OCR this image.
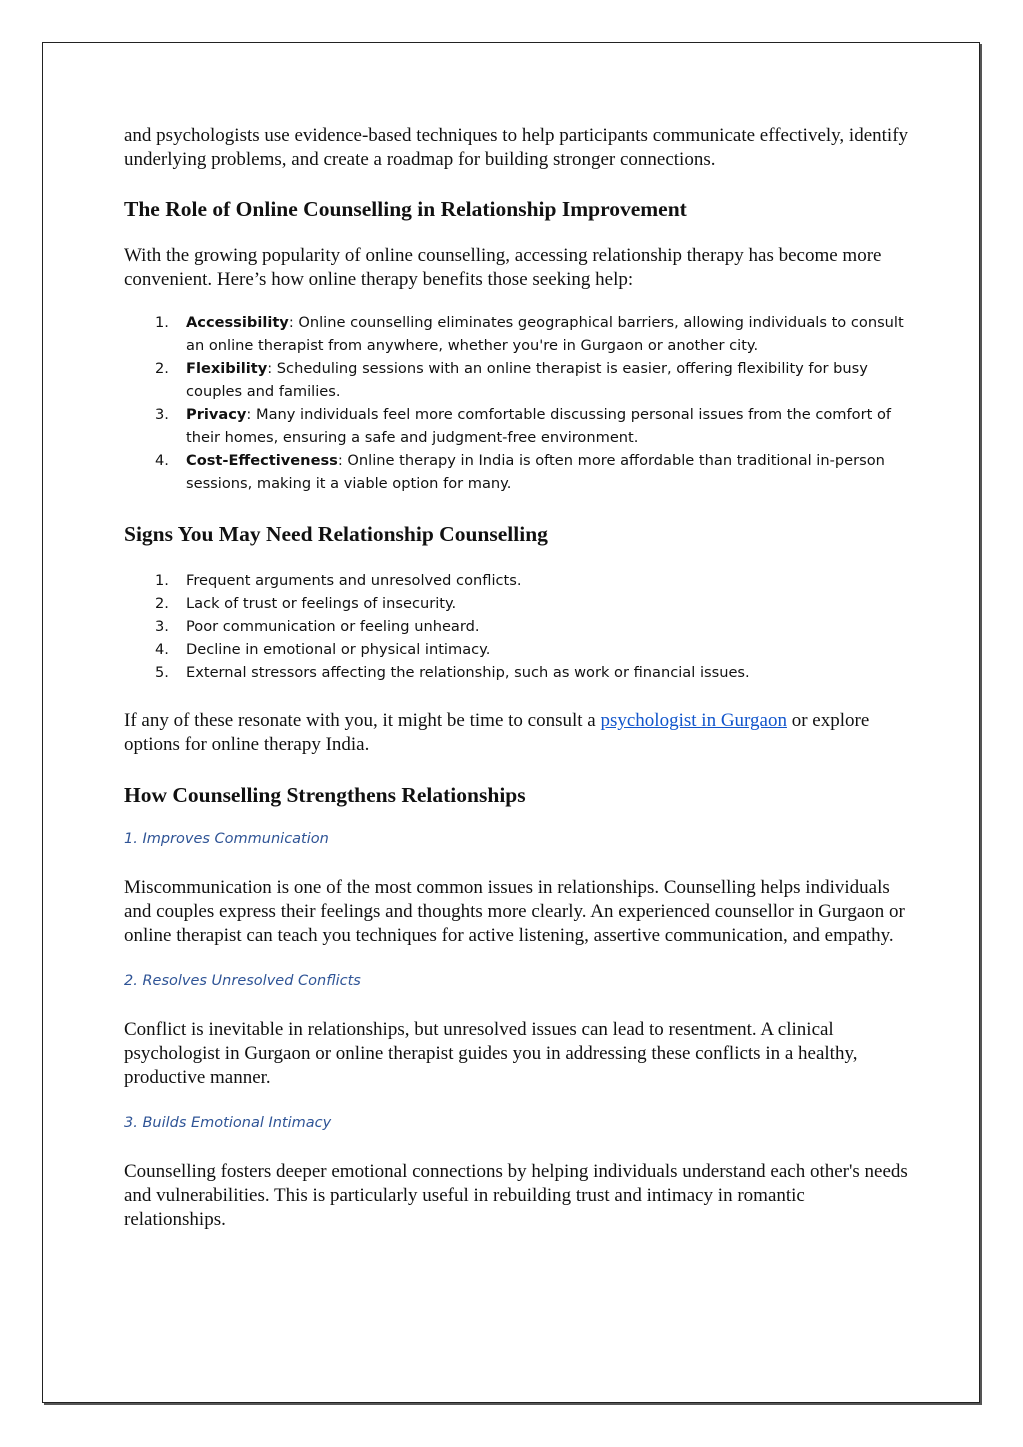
and psychologists use evidence-based techniques to help participants communicate effectively, identify underlying problems, and create a roadmap for building stronger connections.

The Role of Online Counselling in Relationship Improvement

With the growing popularity of online counselling, accessing relationship therapy has become more convenient. Here’s how online therapy benefits those seeking help:

1. Accessibility: Online counselling eliminates geographical barriers, allowing individuals to consult an online therapist from anywhere, whether you're in Gurgaon or another city.
2. Flexibility: Scheduling sessions with an online therapist is easier, offering flexibility for busy couples and families.
3. Privacy: Many individuals feel more comfortable discussing personal issues from the comfort of their homes, ensuring a safe and judgment-free environment.
4. Cost-Effectiveness: Online therapy in India is often more affordable than traditional in-person sessions, making it a viable option for many.
Signs You May Need Relationship Counselling
1. Frequent arguments and unresolved conflicts.
2. Lack of trust or feelings of insecurity.
3. Poor communication or feeling unheard.
4. Decline in emotional or physical intimacy.
5. External stressors affecting the relationship, such as work or financial issues.

If any of these resonate with you, it might be time to consult a psychologist in Gurgaon or explore options for online therapy India.

How Counselling Strengthens Relationships

1. Improves Communication

Miscommunication is one of the most common issues in relationships. Counselling helps individuals and couples express their feelings and thoughts more clearly. An experienced counsellor in Gurgaon or online therapist can teach you techniques for active listening, assertive communication, and empathy.

2. Resolves Unresolved Conflicts

Conflict is inevitable in relationships, but unresolved issues can lead to resentment. A clinical psychologist in Gurgaon or online therapist guides you in addressing these conflicts in a healthy, productive manner.

3. Builds Emotional Intimacy

Counselling fosters deeper emotional connections by helping individuals understand each other's needs and vulnerabilities. This is particularly useful in rebuilding trust and intimacy in romantic relationships.
